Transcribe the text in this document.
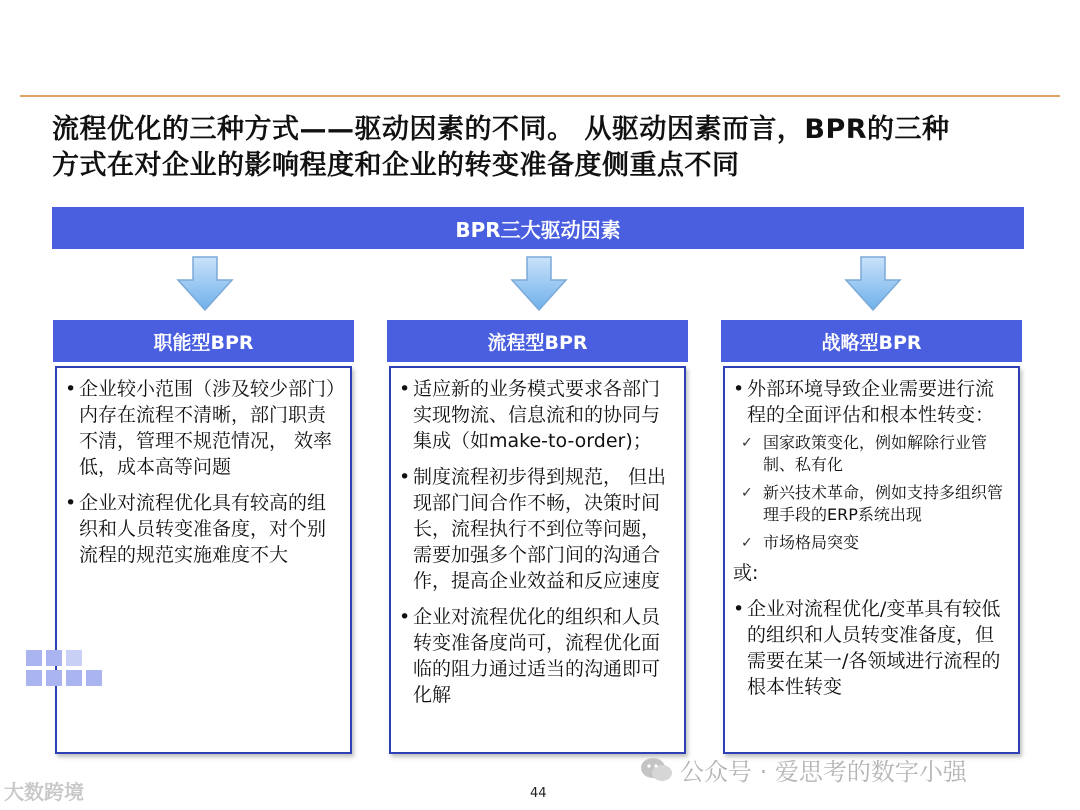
流程优化的三种方式——驱动因素的不同。 从驱动因素而言，BPR的三种
方式在对企业的影响程度和企业的转变准备度侧重点不同
BPR三大驱动因素
职能型BPR
• 企业较小范围（涉及较少部门）内存在流程不清晰，部门职责不清，管理不规范情况， 效率低，成本高等问题
• 企业对流程优化具有较高的组织和人员转变准备度，对个别流程的规范实施难度不大
流程型BPR
• 适应新的业务模式要求各部门实现物流、信息流和的协同与集成（如make-to-order)；
• 制度流程初步得到规范， 但出现部门间合作不畅，决策时间长，流程执行不到位等问题，需要加强多个部门间的沟通合作，提高企业效益和反应速度
• 企业对流程优化的组织和人员转变准备度尚可，流程优化面临的阻力通过适当的沟通即可化解
战略型BPR
• 外部环境导致企业需要进行流程的全面评估和根本性转变：
✓ 国家政策变化，例如解除行业管制、私有化
✓ 新兴技术革命，例如支持多组织管理手段的ERP系统出现
✓ 市场格局突变
或:
• 企业对流程优化/变革具有较低的组织和人员转变准备度，但需要在某一/各领域进行流程的根本性转变
公众号 · 爱思考的数字小强
大数跨境	44
